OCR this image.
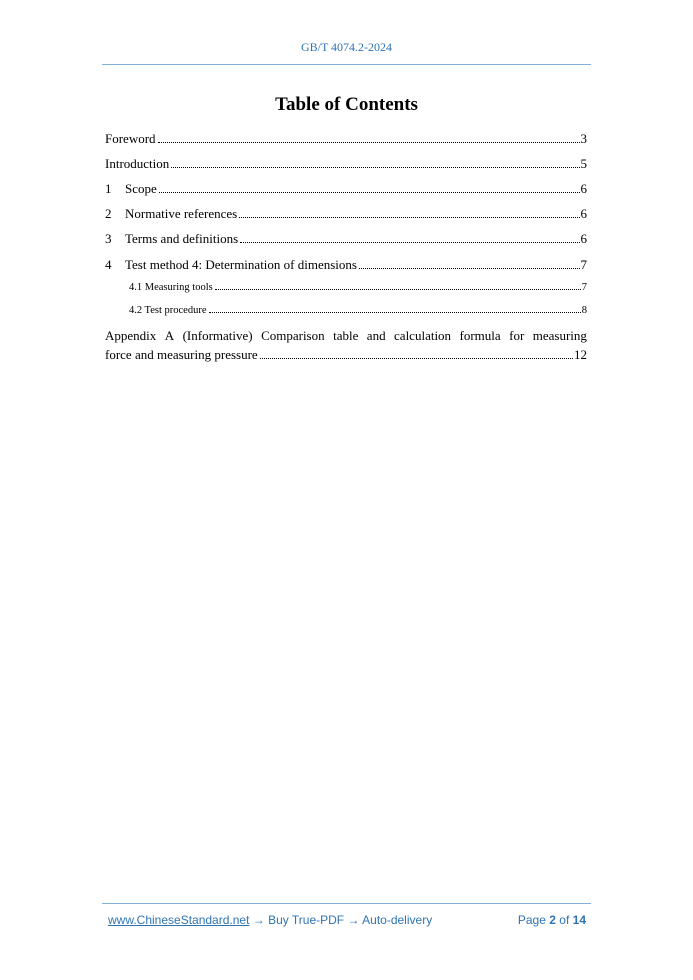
GB/T 4074.2-2024
Table of Contents
Foreword	3
Introduction	5
1	Scope	6
2	Normative references	6
3	Terms and definitions	6
4	Test method 4: Determination of dimensions	7
4.1 Measuring tools	7
4.2 Test procedure	8
Appendix A (Informative) Comparison table and calculation formula for measuring
force and measuring pressure	12
www.ChineseStandard.net → Buy True-PDF → Auto-delivery	Page 2 of 14
